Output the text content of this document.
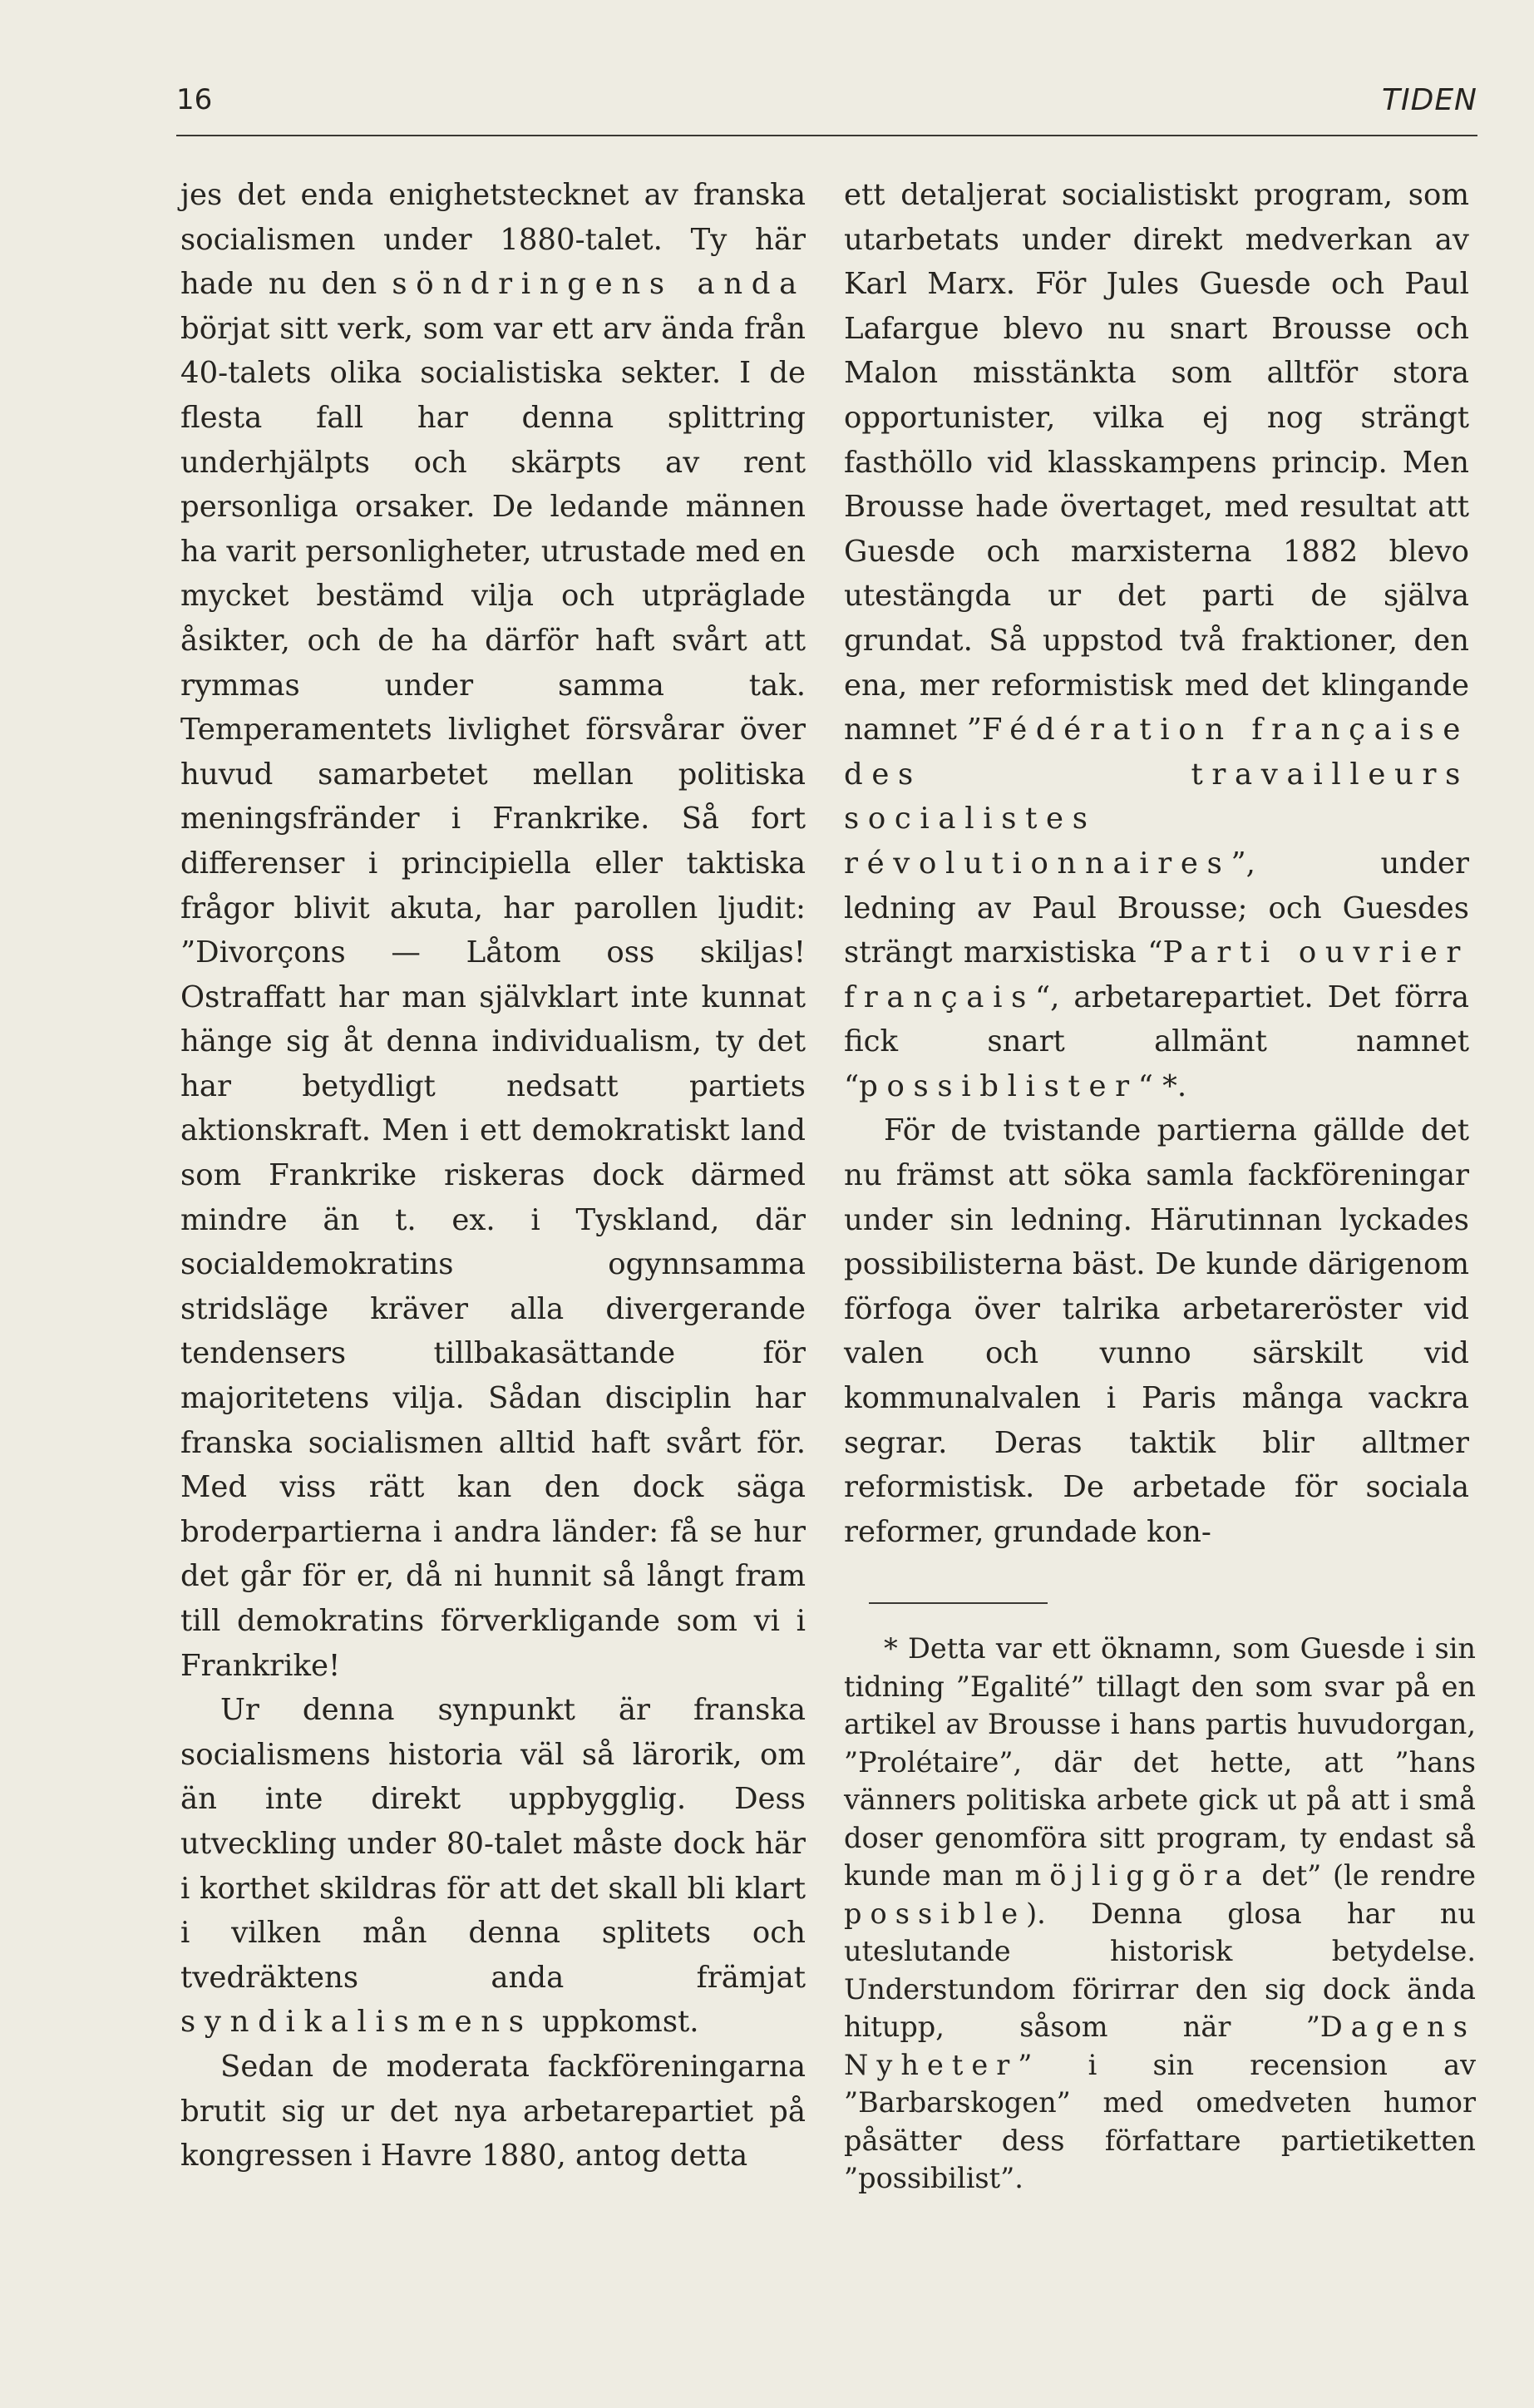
16	TIDEN

jes det enda enighetstecknet av franska socialismen under 1880-talet. Ty här hade nu den söndringens anda börjat sitt verk, som var ett arv ända från 40-talets olika socialistiska sekter. I de flesta fall har denna splittring underhjälpts och skärpts av rent personliga orsaker. De ledande männen ha varit personligheter, utrustade med en mycket bestämd vilja och utpräglade åsikter, och de ha därför haft svårt att rymmas under samma tak. Temperamentets livlighet försvårar över huvud samarbetet mellan politiska meningsfränder i Frankrike. Så fort differenser i principiella eller taktiska frågor blivit akuta, har parollen ljudit: ”Divorçons — Låtom oss skiljas! Ostraffatt har man självklart inte kunnat hänge sig åt denna individualism, ty det har betydligt nedsatt partiets aktionskraft. Men i ett demokratiskt land som Frankrike riskeras dock därmed mindre än t. ex. i Tyskland, där socialdemokratins ogynnsamma stridsläge kräver alla divergerande tendensers tillbakasättande för majoritetens vilja. Sådan disciplin har franska socialismen alltid haft svårt för. Med viss rätt kan den dock säga broderpartierna i andra länder: få se hur det går för er, då ni hunnit så långt fram till demokratins förverkligande som vi i Frankrike!

Ur denna synpunkt är franska socialismens historia väl så lärorik, om än inte direkt uppbygglig. Dess utveckling under 80-talet måste dock här i korthet skildras för att det skall bli klart i vilken mån denna splitets och tvedräktens anda främjat syndikalismens uppkomst.

Sedan de moderata fackföreningarna brutit sig ur det nya arbetarepartiet på kongressen i Havre 1880, antog detta

ett detaljerat socialistiskt program, som utarbetats under direkt medverkan av Karl Marx. För Jules Guesde och Paul Lafargue blevo nu snart Brousse och Malon misstänkta som alltför stora opportunister, vilka ej nog strängt fasthöllo vid klasskampens princip. Men Brousse hade övertaget, med resultat att Guesde och marxisterna 1882 blevo utestängda ur det parti de själva grundat. Så uppstod två fraktioner, den ena, mer reformistisk med det klingande namnet ”Fédération française des travailleurs socialistes révolutionnaires”, under ledning av Paul Brousse; och Guesdes strängt marxistiska “Parti ouvrier français“, arbetarepartiet. Det förra fick snart allmänt namnet “possiblister“ *.

För de tvistande partierna gällde det nu främst att söka samla fackföreningar under sin ledning. Härutinnan lyckades possibilisterna bäst. De kunde därigenom förfoga över talrika arbetareröster vid valen och vunno särskilt vid kommunalvalen i Paris många vackra segrar. Deras taktik blir alltmer reformistisk. De arbetade för sociala reformer, grundade kon-

* Detta var ett öknamn, som Guesde i sin tidning ”Egalité” tillagt den som svar på en artikel av Brousse i hans partis huvudorgan, ”Prolétaire”, där det hette, att ”hans vänners politiska arbete gick ut på att i små doser genomföra sitt program, ty endast så kunde man möjliggöra det” (le rendre possible). Denna glosa har nu uteslutande historisk betydelse. Understundom förirrar den sig dock ända hitupp, såsom när ”Dagens Nyheter” i sin recension av ”Barbarskogen” med omedveten humor påsätter dess författare partietiketten ”possibilist”.
